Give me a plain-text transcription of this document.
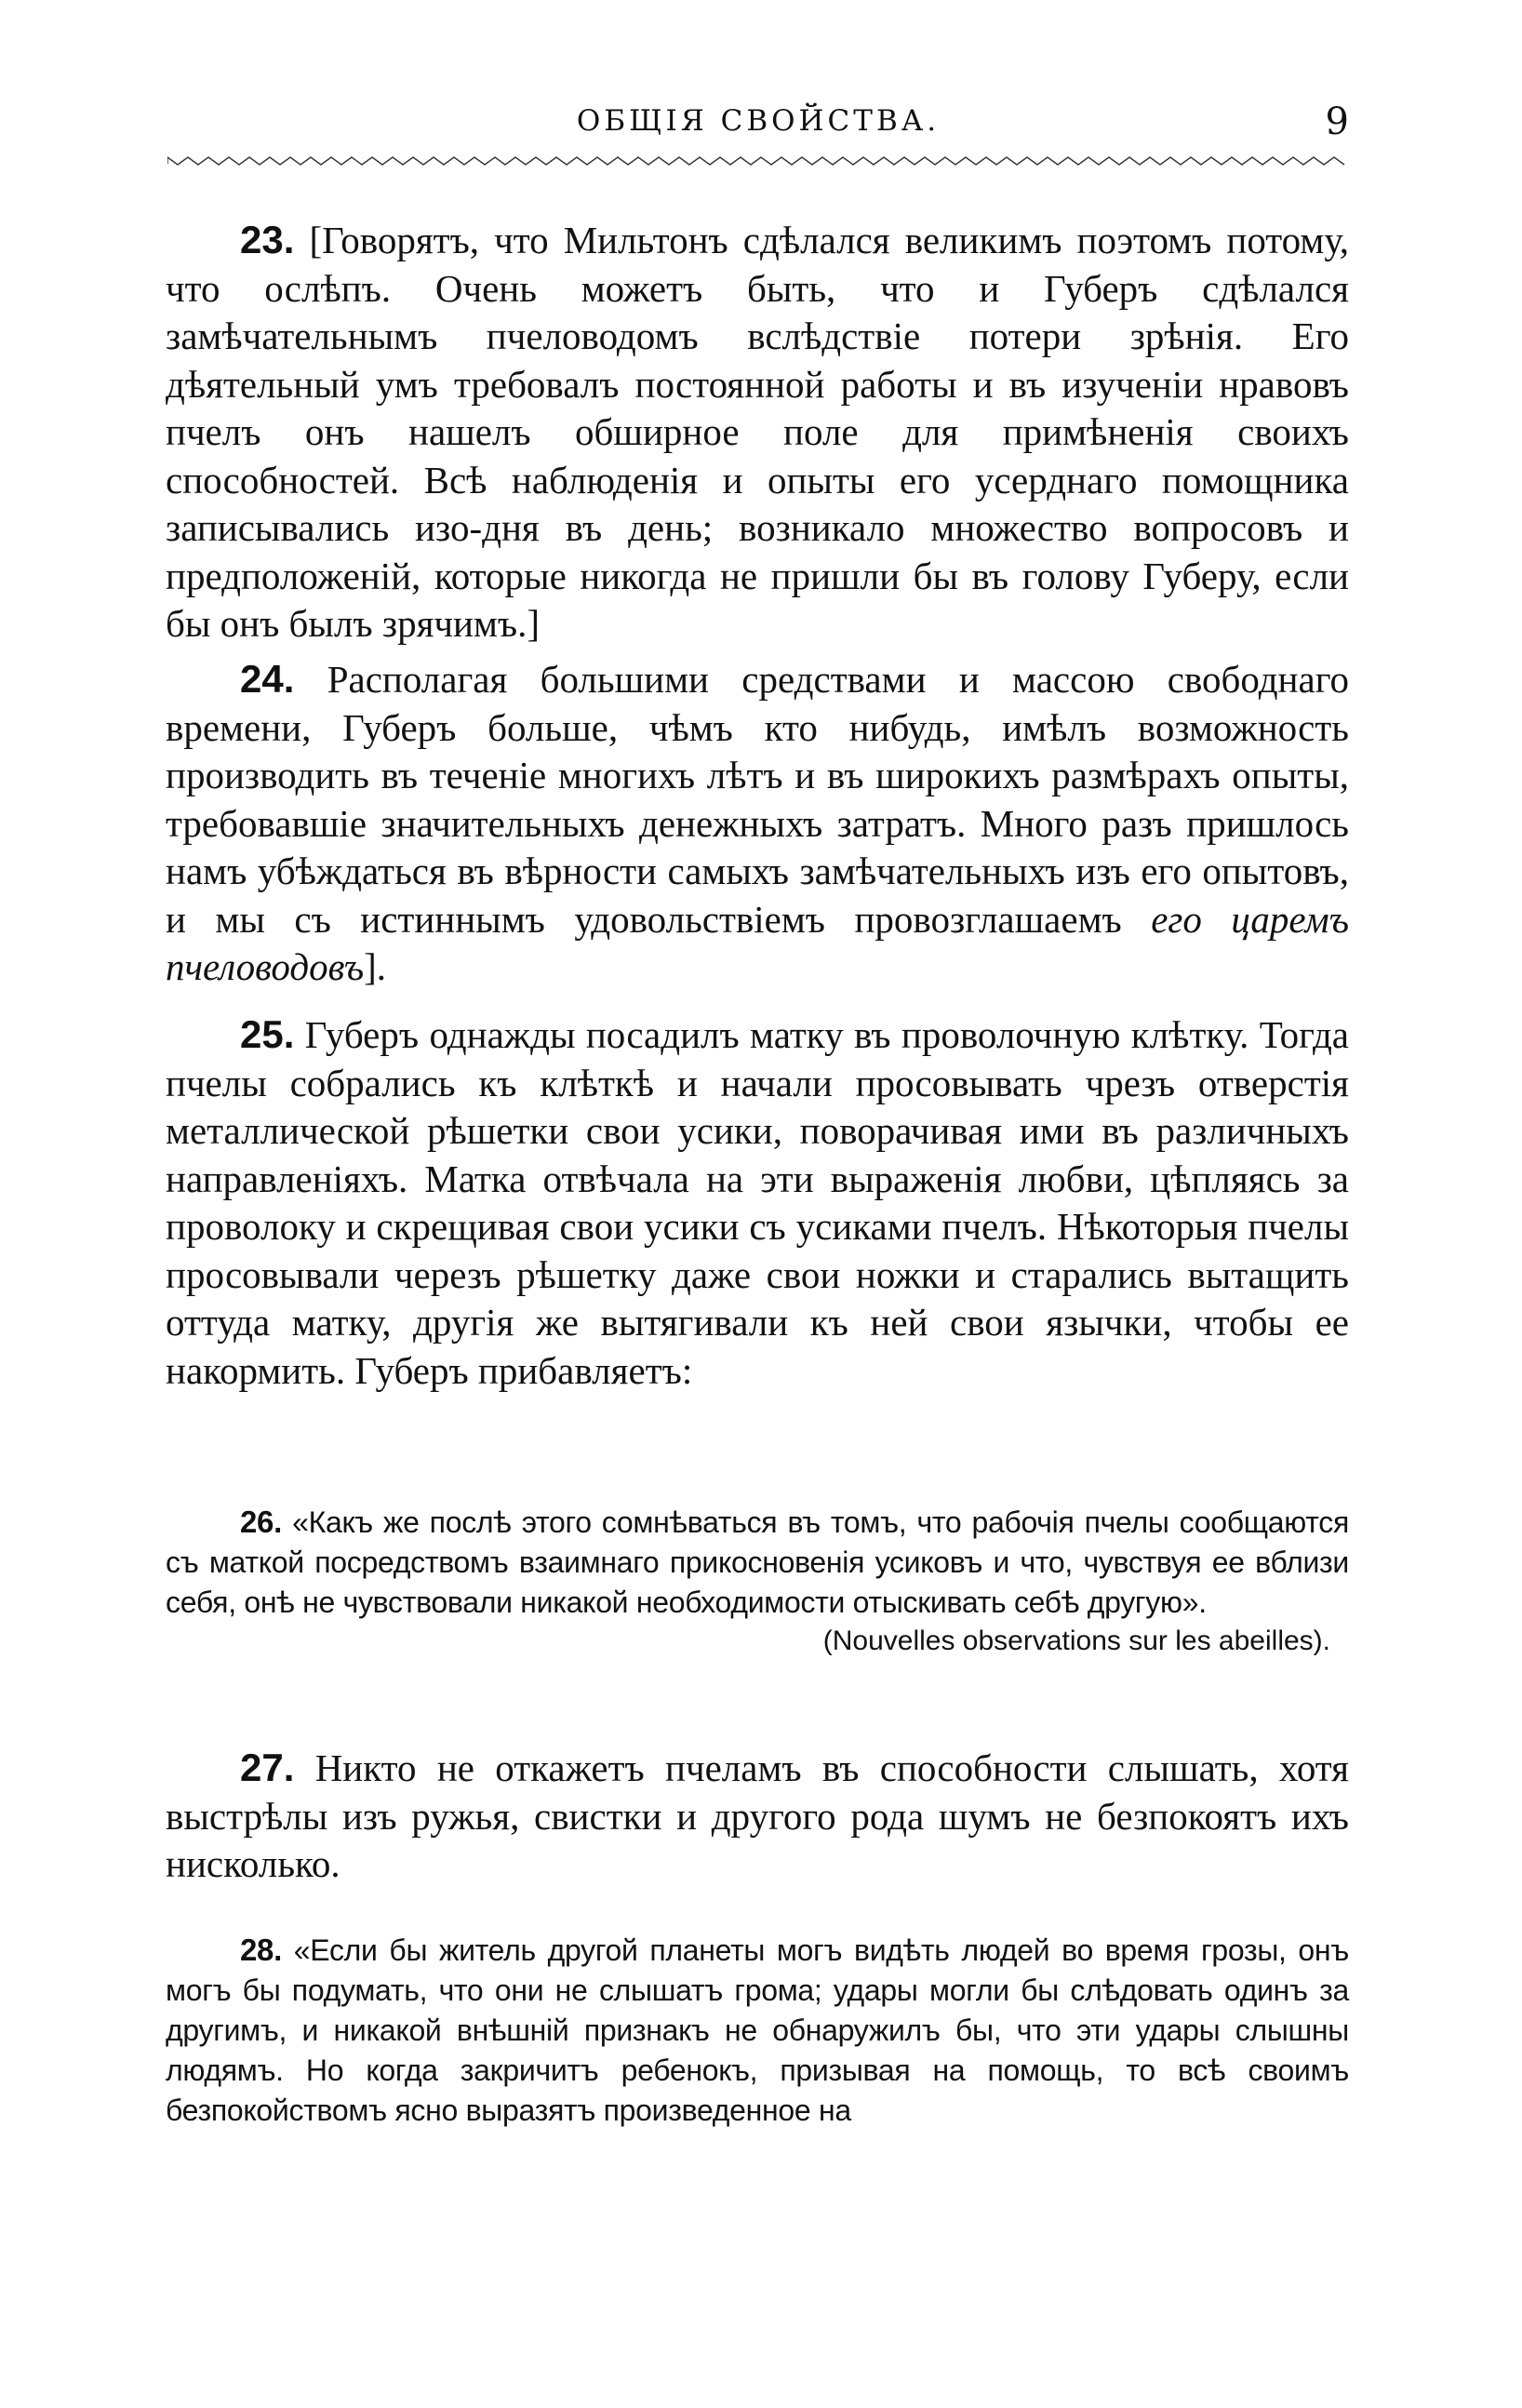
ОБЩІЯ СВОЙСТВА.	9

23. [Говорятъ, что Мильтонъ сдѣлался великимъ поэтомъ потому, что ослѣпъ. Очень можетъ быть, что и Губеръ сдѣлался замѣчательнымъ пчеловодомъ вслѣдствіе потери зрѣнія. Его дѣятельный умъ требовалъ постоянной работы и въ изученіи нравовъ пчелъ онъ нашелъ обширное поле для примѣненія своихъ способностей. Всѣ наблюденія и опыты его усерднаго помощника записывались изо-дня въ день; возникало множество вопросовъ и предположеній, которые никогда не пришли бы въ голову Губеру, если бы онъ былъ зрячимъ.]

24. Располагая большими средствами и массою свободнаго времени, Губеръ больше, чѣмъ кто нибудь, имѣлъ возможность производить въ теченіе многихъ лѣтъ и въ широкихъ размѣрахъ опыты, требовавшіе значительныхъ денежныхъ затратъ. Много разъ пришлось намъ убѣждаться въ вѣрности самыхъ замѣчательныхъ изъ его опытовъ, и мы съ истиннымъ удовольствіемъ провозглашаемъ его царемъ пчеловодовъ].

25. Губеръ однажды посадилъ матку въ проволочную клѣтку. Тогда пчелы собрались къ клѣткѣ и начали просовывать чрезъ отверстія металлической рѣшетки свои усики, поворачивая ими въ различныхъ направленіяхъ. Матка отвѣчала на эти выраженія любви, цѣпляясь за проволоку и скрещивая свои усики съ усиками пчелъ. Нѣкоторыя пчелы просовывали черезъ рѣшетку даже свои ножки и старались вытащить оттуда матку, другія же вытягивали къ ней свои язычки, чтобы ее накормить. Губеръ прибавляетъ:

26. «Какъ же послѣ этого сомнѣваться въ томъ, что рабочія пчелы сообщаются съ маткой посредствомъ взаимнаго прикосновенія усиковъ и что, чувствуя ее вблизи себя, онѣ не чувствовали никакой необходимости отыскивать себѣ другую».

(Nouvelles observations sur les abeilles).

27. Никто не откажетъ пчеламъ въ способности слышать, хотя выстрѣлы изъ ружья, свистки и другого рода шумъ не безпокоятъ ихъ нисколько.

28. «Если бы житель другой планеты могъ видѣть людей во время грозы, онъ могъ бы подумать, что они не слышатъ грома; удары могли бы слѣдовать одинъ за другимъ, и никакой внѣшній признакъ не обнаружилъ бы, что эти удары слышны людямъ. Но когда закричитъ ребенокъ, призывая на помощь, то всѣ своимъ безпокойствомъ ясно выразятъ произведенное на
